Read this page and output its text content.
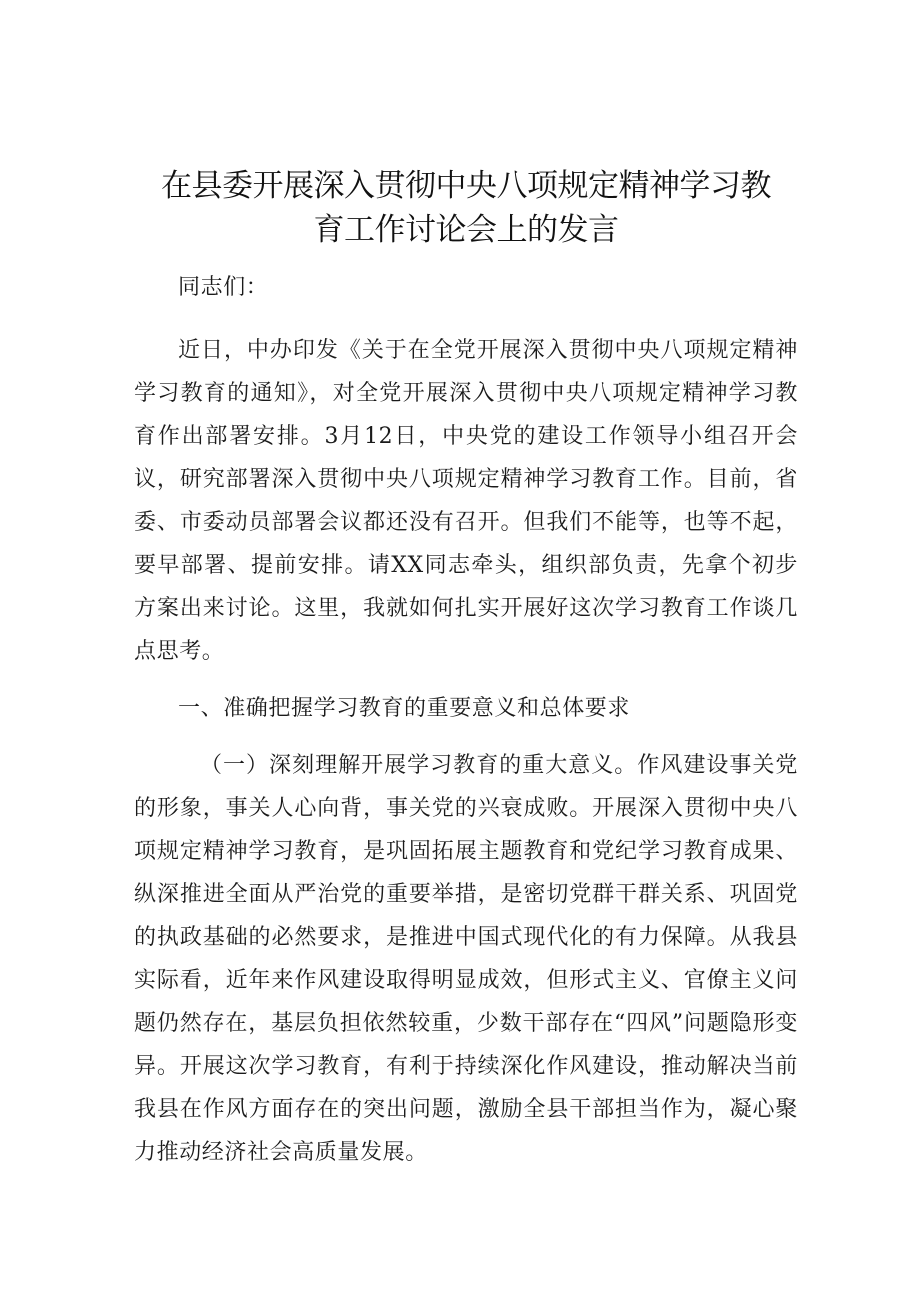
在县委开展深入贯彻中央八项规定精神学习教
育工作讨论会上的发言

同志们：

近日，中办印发《关于在全党开展深入贯彻中央八项规定精神学习教育的通知》，对全党开展深入贯彻中央八项规定精神学习教育作出部署安排。3月12日，中央党的建设工作领导小组召开会议，研究部署深入贯彻中央八项规定精神学习教育工作。目前，省委、市委动员部署会议都还没有召开。但我们不能等，也等不起，要早部署、提前安排。请XX同志牵头，组织部负责，先拿个初步方案出来讨论。这里，我就如何扎实开展好这次学习教育工作谈几点思考。

一、准确把握学习教育的重要意义和总体要求

（一）深刻理解开展学习教育的重大意义。作风建设事关党的形象，事关人心向背，事关党的兴衰成败。开展深入贯彻中央八项规定精神学习教育，是巩固拓展主题教育和党纪学习教育成果、纵深推进全面从严治党的重要举措，是密切党群干群关系、巩固党的执政基础的必然要求，是推进中国式现代化的有力保障。从我县实际看，近年来作风建设取得明显成效，但形式主义、官僚主义问题仍然存在，基层负担依然较重，少数干部存在“四风”问题隐形变异。开展这次学习教育，有利于持续深化作风建设，推动解决当前我县在作风方面存在的突出问题，激励全县干部担当作为，凝心聚力推动经济社会高质量发展。
